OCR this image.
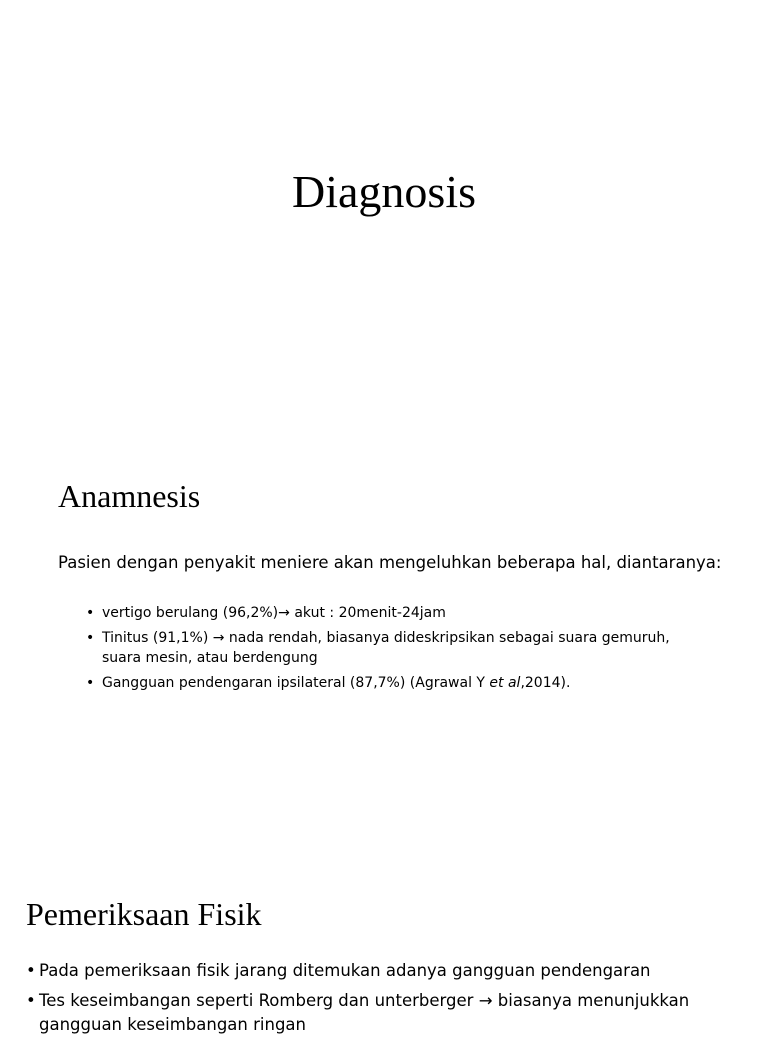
Diagnosis
Anamnesis
Pasien dengan penyakit meniere akan mengeluhkan beberapa hal, diantaranya:
• vertigo berulang (96,2%)→ akut : 20menit-24jam
• Tinitus (91,1%) → nada rendah, biasanya dideskripsikan sebagai suara gemuruh, suara mesin, atau berdengung
• Gangguan pendengaran ipsilateral (87,7%) (Agrawal Y et al,2014).
Pemeriksaan Fisik
• Pada pemeriksaan fisik jarang ditemukan adanya gangguan pendengaran
• Tes keseimbangan seperti Romberg dan unterberger → biasanya menunjukkan gangguan keseimbangan ringan
